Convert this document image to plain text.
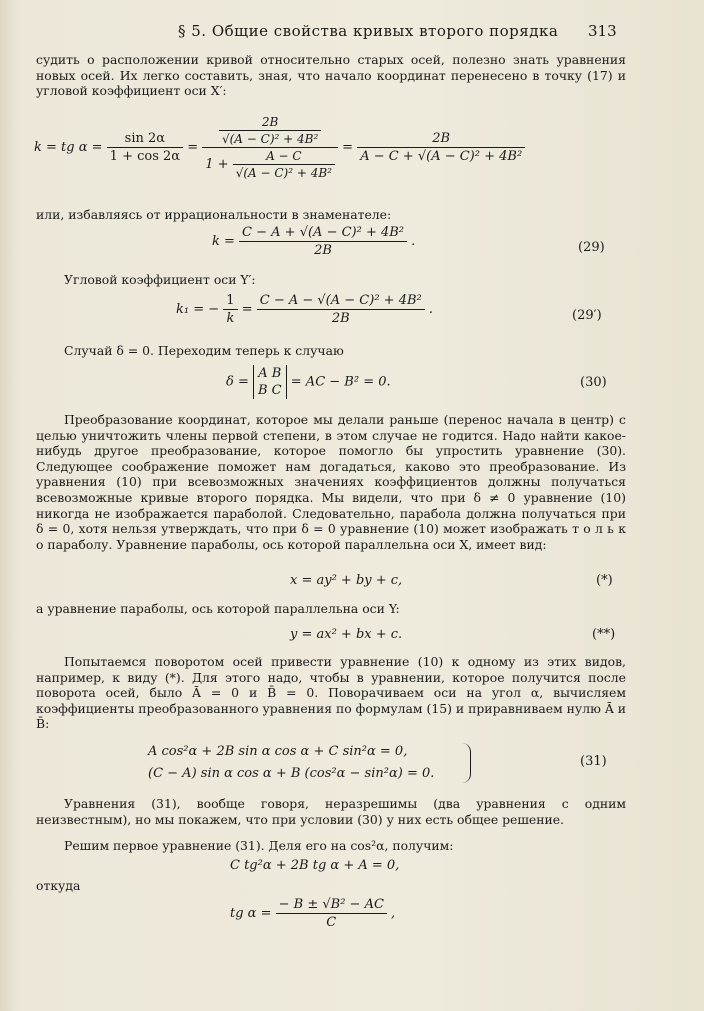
§ 5. Общие свойства кривых второго порядка 313
судить о расположении кривой относительно старых осей, полезно знать уравнения новых осей. Их легко составить, зная, что начало координат перенесено в точку (17) и угловой коэффициент оси X′:
k = tg $\alpha = \frac{\sin 2\alpha}{1 + \cos 2\alpha} = \frac{\frac{2B}{\text{√(A − C)² + 4B²}}}{1 + \frac{A - C}{\text{√(A − C)² + 4B²}}} = \frac{2B}{\text{A − C + √(A − C)² + 4B²}}$
или, избавляясь от иррациональности в знаменателе:
$k = \frac{\text{C − A + √(A − C)² + 4B²}}{2B}$ .	(29)
Угловой коэффициент оси Y′:
k₁ = − $\frac{1}{k} = \frac{\text{C − A − √(A − C)² + 4B²}}{2B}$ .	(29′)
Случай δ = 0. Переходим теперь к случаю
δ =
A B
B C
= AC − B² = 0.	(30)
Преобразование координат, которое мы делали раньше (перенос начала в центр) с целью уничтожить члены первой степени, в этом случае не годится. Надо найти какое-нибудь другое преобразование, которое помогло бы упростить уравнение (30). Следующее соображение поможет нам догадаться, каково это преобразование. Из уравнения (10) при всевозможных значениях коэффициентов должны получаться всевозможные кривые второго порядка. Мы видели, что при δ ≠ 0 уравнение (10) никогда не изображается параболой. Следовательно, парабола должна получаться при δ = 0, хотя нельзя утверждать, что при δ = 0 уравнение (10) может изображать т о л ь к о параболу. Уравнение параболы, ось которой параллельна оси X, имеет вид:
x = ay² + by + c,	(*)
а уравнение параболы, ось которой параллельна оси Y:
y = ax² + bx + c.	(**)
Попытаемся поворотом осей привести уравнение (10) к одному из этих видов, например, к виду (*). Для этого надо, чтобы в уравнении, которое получится после поворота осей, было Ā = 0 и B̄ = 0. Поворачиваем оси на угол α, вычисляем коэффициенты преобразованного уравнения по формулам (15) и приравниваем нулю Ā и B̄:
A cos²α + 2B sin α cos α + C sin²α = 0,
(C − A) sin α cos α + B (cos²α − sin²α) = 0.
(31)
Уравнения (31), вообще говоря, неразрешимы (два уравнения с одним неизвестным), но мы покажем, что при условии (30) у них есть общее решение.
Решим первое уравнение (31). Деля его на cos²α, получим:
C tg²α + 2B tg α + A = 0,
откуда
tg $\alpha = \frac{\text{− B ± √B² − AC}}{C}$ ,
